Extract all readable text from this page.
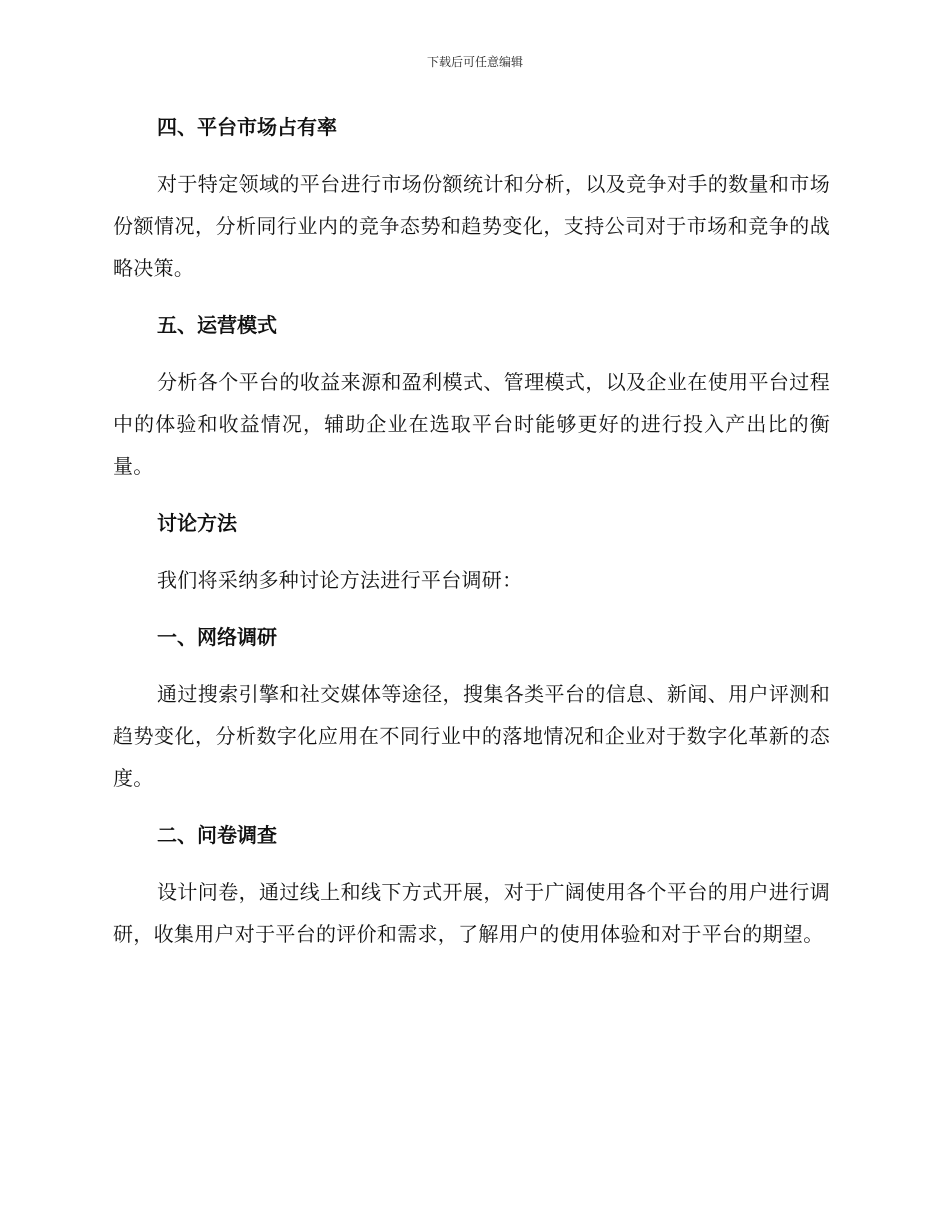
下载后可任意编辑
四、平台市场占有率

对于特定领域的平台进行市场份额统计和分析，以及竞争对手的数量和市场份额情况，分析同行业内的竞争态势和趋势变化，支持公司对于市场和竞争的战略决策。

五、运营模式

分析各个平台的收益来源和盈利模式、管理模式，以及企业在使用平台过程中的体验和收益情况，辅助企业在选取平台时能够更好的进行投入产出比的衡量。

讨论方法

我们将采纳多种讨论方法进行平台调研：

一、网络调研

通过搜索引擎和社交媒体等途径，搜集各类平台的信息、新闻、用户评测和趋势变化，分析数字化应用在不同行业中的落地情况和企业对于数字化革新的态度。

二、问卷调查

设计问卷，通过线上和线下方式开展，对于广阔使用各个平台的用户进行调研，收集用户对于平台的评价和需求，了解用户的使用体验和对于平台的期望。
